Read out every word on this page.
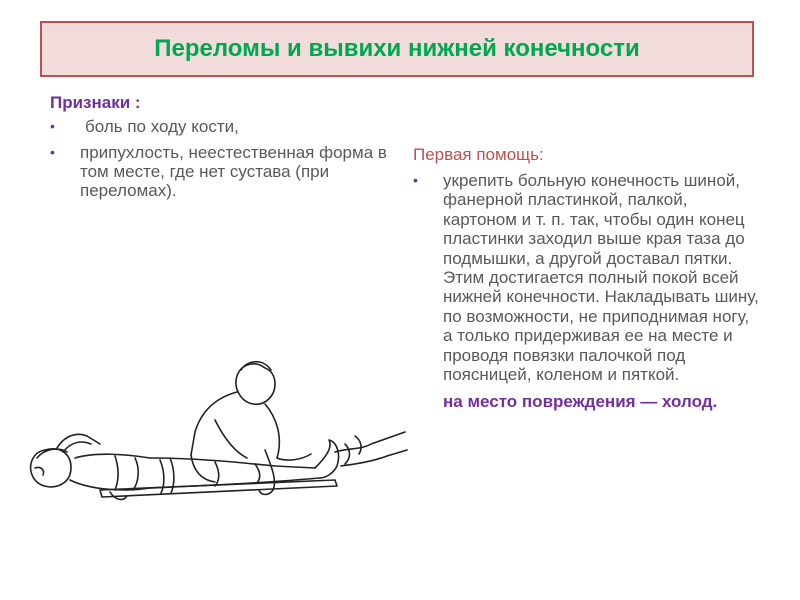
Переломы и вывихи нижней конечности
Признаки :
• боль по ходу кости,
• припухлость, неестественная форма в том месте, где нет сустава (при переломах).
Первая помощь:
• укрепить больную конечность шиной, фанерной пластинкой, палкой, картоном и т. п. так, чтобы один конец пластинки заходил выше края таза до подмышки, а другой доставал пятки. Этим достигается полный покой всей нижней конечности. Накладывать шину, по возможности, не приподнимая ногу, а только придерживая ее на месте и проводя повязки палочкой под поясницей, коленом и пяткой.
на место повреждения — холод.
